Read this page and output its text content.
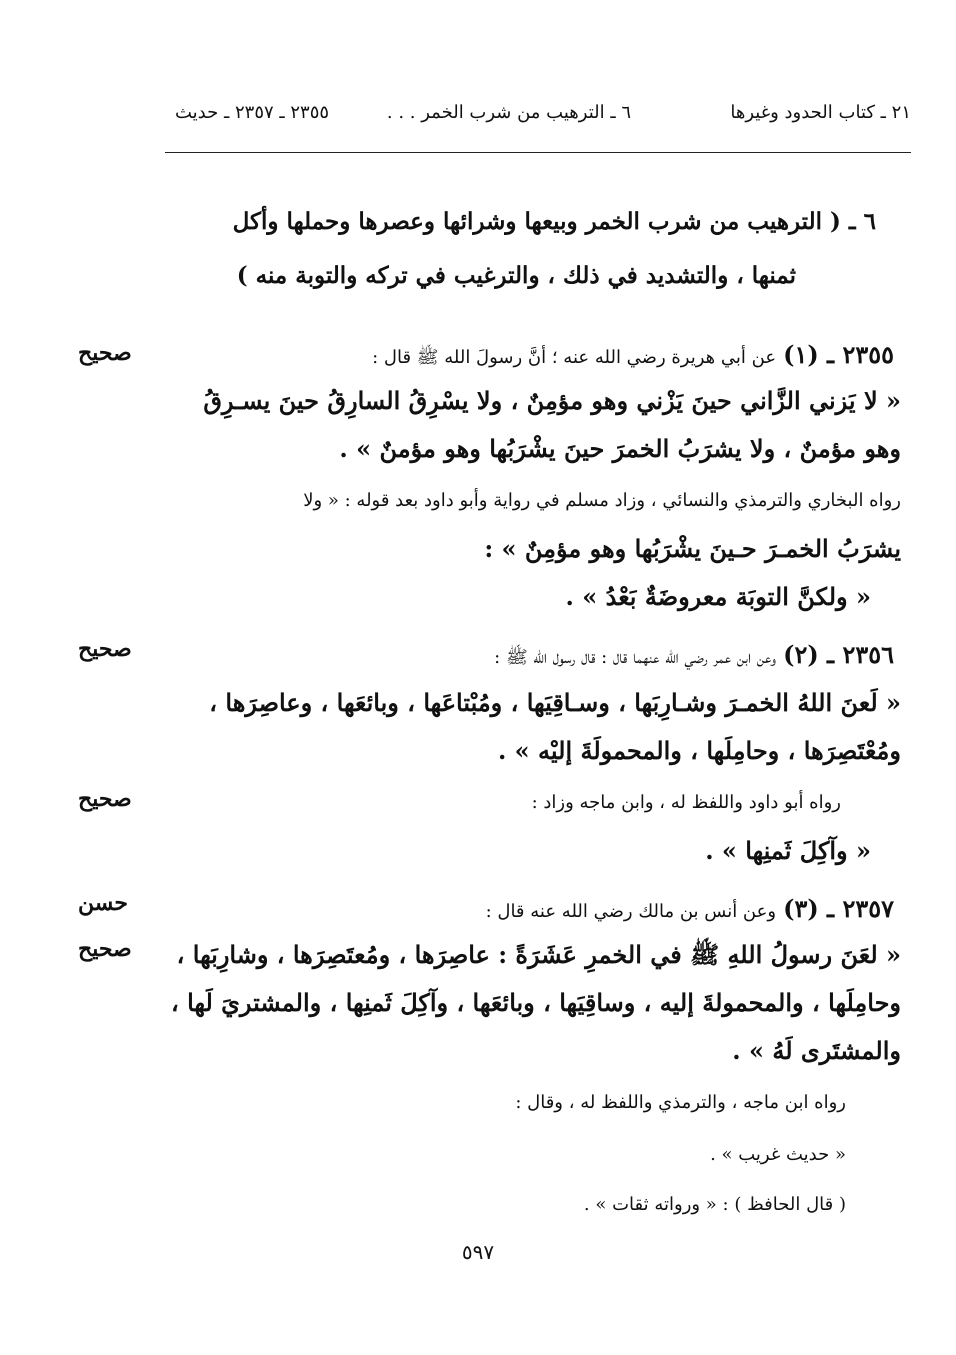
٢١ ـ كتاب الحدود وغيرها
٦ ـ الترهيب من شرب الخمر . . .
٢٣٥٥ ـ ٢٣٥٧ ـ حديث
٦ ـ ( الترهيب من شرب الخمر وبيعها وشرائها وعصرها وحملها وأكل
ثمنها ، والتشديد في ذلك ، والترغيب في تركه والتوبة منه )
٢٣٥٥ ـ (١) عن أبي هريرة رضي الله عنه ؛ أنَّ رسولَ الله ﷺ قال :
صحيح
« لا يَزني الزَّاني حينَ يَزْني وهو مؤمِنٌ ، ولا يسْرِقُ السارِقُ حينَ يسـرِقُ
وهو مؤمنٌ ، ولا يشرَبُ الخمرَ حينَ يشْرَبُها وهو مؤمنٌ » .
رواه البخاري والترمذي والنسائي ، وزاد مسلم في رواية وأبو داود بعد قوله : « ولا
يشرَبُ الخمـرَ حـينَ يشْرَبُها وهو مؤمِنٌ » :
« ولكنَّ التوبَة معروضَةٌ بَعْدُ » .
٢٣٥٦ ـ (٢) وعن ابن عمر رضي الله عنهما قال : قال رسول الله ﷺ :
صحيح
« لَعنَ اللهُ الخمـرَ وشـارِبَها ، وسـاقِيَها ، ومُبْتاعَها ، وبائعَها ، وعاصِرَها ،
ومُعْتَصِرَها ، وحامِلَها ، والمحمولَةَ إليْه » .
رواه أبو داود واللفظ له ، وابن ماجه وزاد :
صحيح
« وآكِلَ ثَمنِها » .
٢٣٥٧ ـ (٣) وعن أنس بن مالك رضي الله عنه قال :
حسن
صحيح « لعَنَ رسولُ اللهِ ﷺ في الخمرِ عَشَرَةً : عاصِرَها ، ومُعتَصِرَها ، وشارِبَها ،
وحامِلَها ، والمحمولةَ إليه ، وساقِيَها ، وبائعَها ، وآكِلَ ثَمنِها ، والمشتريَ لَها ،
والمشتَرى لَهُ » .
رواه ابن ماجه ، والترمذي واللفظ له ، وقال :
« حديث غريب » .
( قال الحافظ ) : « ورواته ثقات » .
٥٩٧
